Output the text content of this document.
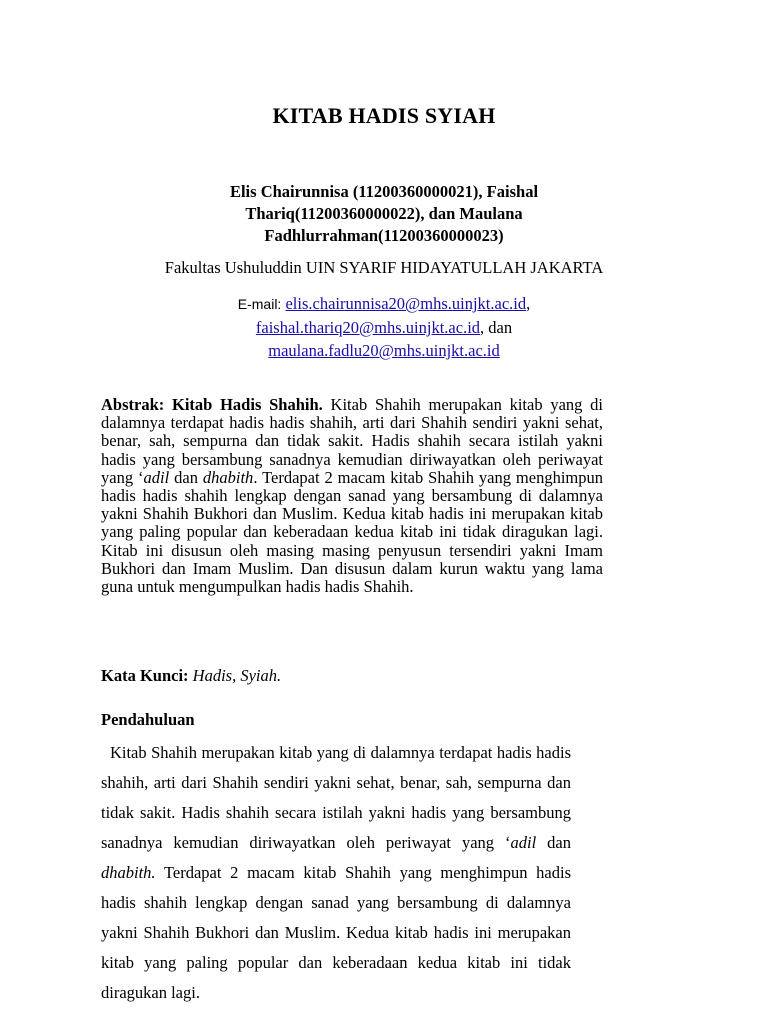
KITAB HADIS SYIAH
Elis Chairunnisa (11200360000021), Faishal
Thariq(11200360000022), dan Maulana
Fadhlurrahman(11200360000023)
Fakultas Ushuluddin UIN SYARIF HIDAYATULLAH JAKARTA
E-mail: elis.chairunnisa20@mhs.uinjkt.ac.id,
faishal.thariq20@mhs.uinjkt.ac.id, dan
maulana.fadlu20@mhs.uinjkt.ac.id
Abstrak: Kitab Hadis Shahih. Kitab Shahih merupakan kitab yang di dalamnya terdapat hadis hadis shahih, arti dari Shahih sendiri yakni sehat, benar, sah, sempurna dan tidak sakit. Hadis shahih secara istilah yakni hadis yang bersambung sanadnya kemudian diriwayatkan oleh periwayat yang ‘adil dan dhabith. Terdapat 2 macam kitab Shahih yang menghimpun hadis hadis shahih lengkap dengan sanad yang bersambung di dalamnya yakni Shahih Bukhori dan Muslim. Kedua kitab hadis ini merupakan kitab yang paling popular dan keberadaan kedua kitab ini tidak diragukan lagi. Kitab ini disusun oleh masing masing penyusun tersendiri yakni Imam Bukhori dan Imam Muslim. Dan disusun dalam kurun waktu yang lama guna untuk mengumpulkan hadis hadis Shahih.
Kata Kunci: Hadis, Syiah.
Pendahuluan
Kitab Shahih merupakan kitab yang di dalamnya terdapat hadis hadis shahih, arti dari Shahih sendiri yakni sehat, benar, sah, sempurna dan tidak sakit. Hadis shahih secara istilah yakni hadis yang bersambung sanadnya kemudian diriwayatkan oleh periwayat yang ‘adil dan dhabith. Terdapat 2 macam kitab Shahih yang menghimpun hadis hadis shahih lengkap dengan sanad yang bersambung di dalamnya yakni Shahih Bukhori dan Muslim. Kedua kitab hadis ini merupakan kitab yang paling popular dan keberadaan kedua kitab ini tidak diragukan lagi.
